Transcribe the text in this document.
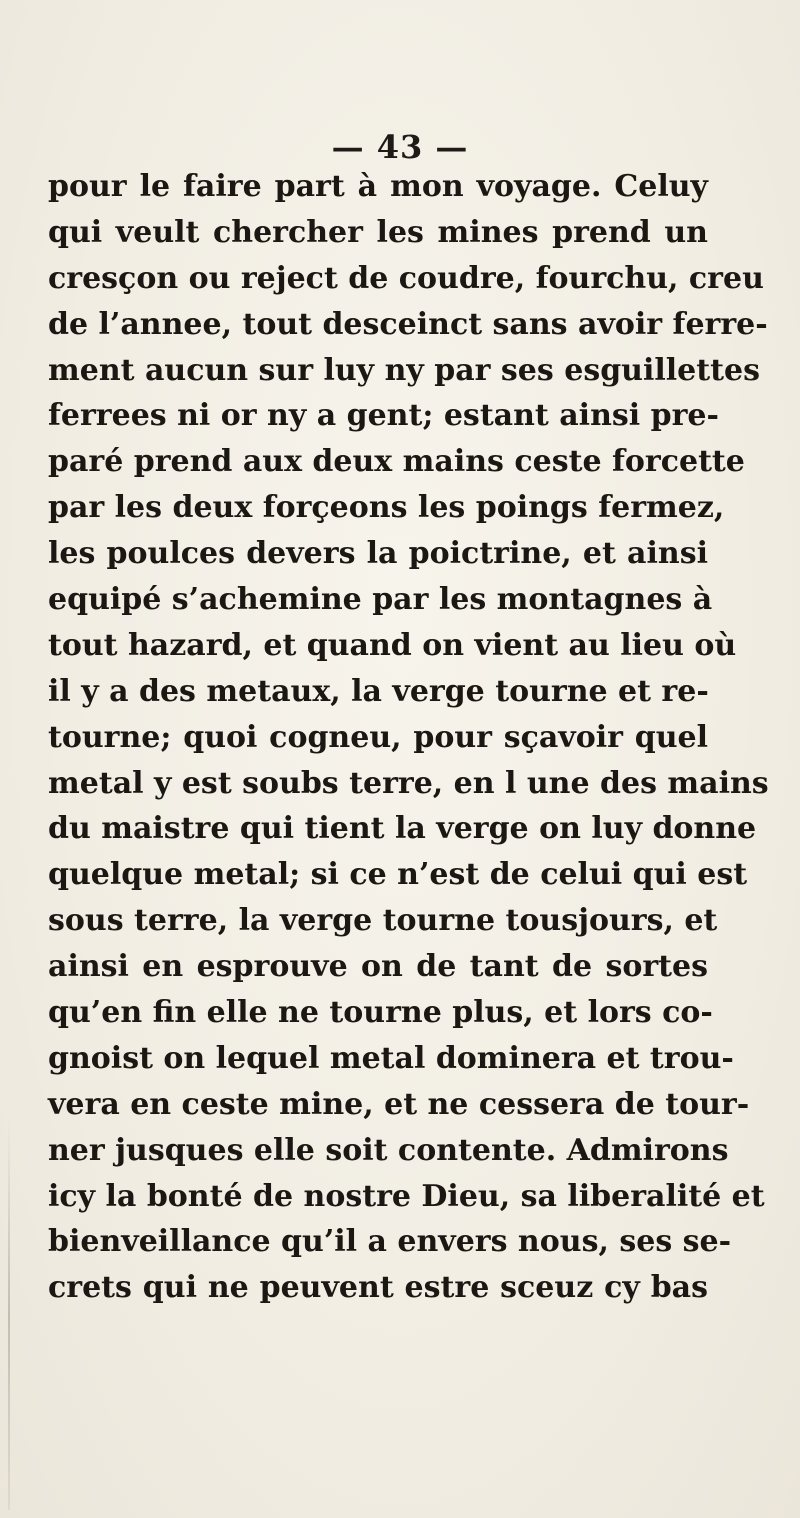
— 43 —
pour le faire part à mon voyage. Celuy
qui veult chercher les mines prend un
cresçon ou reject de coudre, fourchu, creu
de l’annee, tout desceinct sans avoir ferre-
ment aucun sur luy ny par ses esguillettes
ferrees ni or ny a gent; estant ainsi pre-
paré prend aux deux mains ceste forcette
par les deux forçeons les poings fermez,
les poulces devers la poictrine, et ainsi
equipé s’achemine par les montagnes à
tout hazard, et quand on vient au lieu où
il y a des metaux, la verge tourne et re-
tourne; quoi cogneu, pour sçavoir quel
metal y est soubs terre, en l une des mains
du maistre qui tient la verge on luy donne
quelque metal; si ce n’est de celui qui est
sous terre, la verge tourne tousjours, et
ainsi en esprouve on de tant de sortes
qu’en fin elle ne tourne plus, et lors co-
gnoist on lequel metal dominera et trou-
vera en ceste mine, et ne cessera de tour-
ner jusques elle soit contente. Admirons
icy la bonté de nostre Dieu, sa liberalité et
bienveillance qu’il a envers nous, ses se-
crets qui ne peuvent estre sceuz cy bas
